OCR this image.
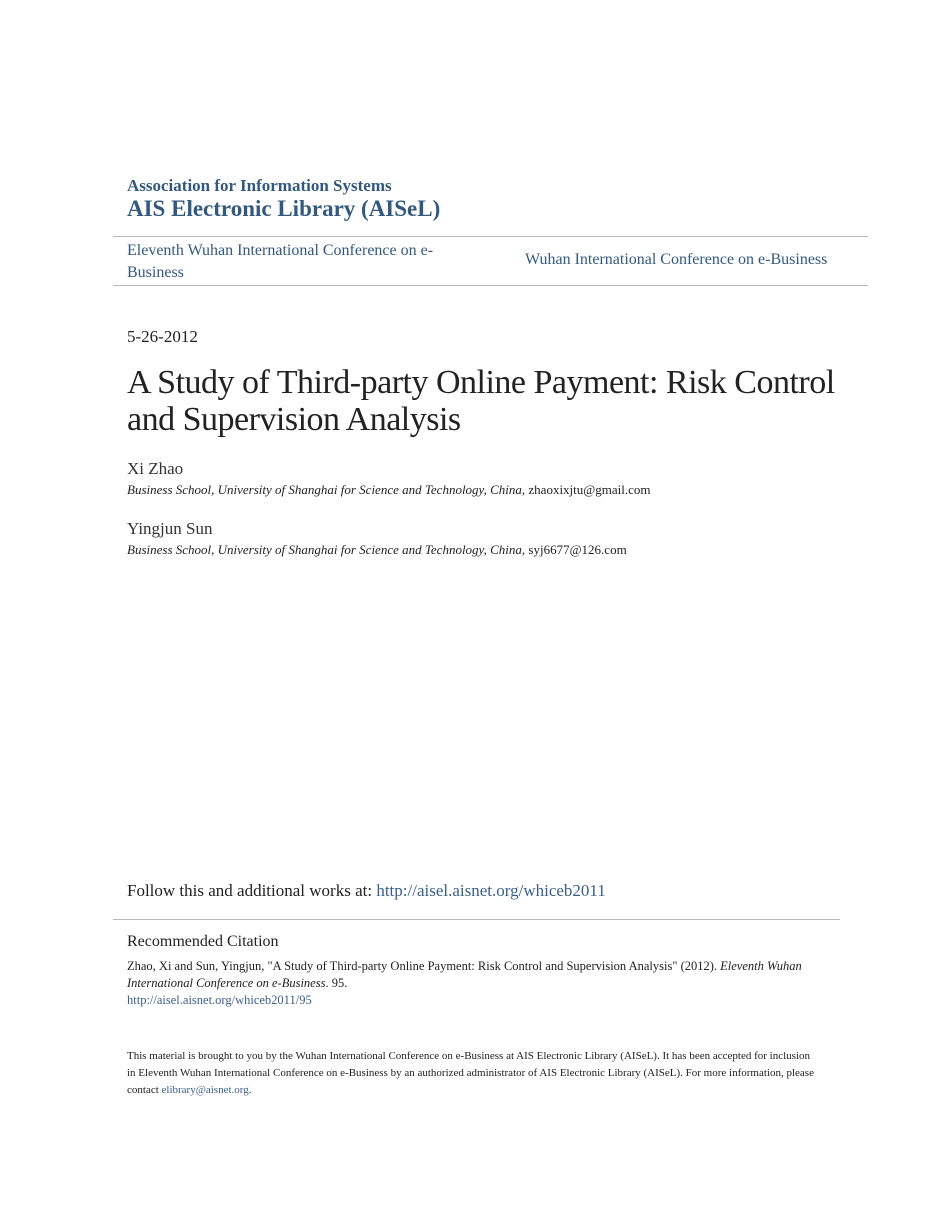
Association for Information Systems
AIS Electronic Library (AISeL)
Eleventh Wuhan International Conference on e-Business
Wuhan International Conference on e-Business
5-26-2012
A Study of Third-party Online Payment: Risk Control and Supervision Analysis
Xi Zhao
Business School, University of Shanghai for Science and Technology, China, zhaoxixjtu@gmail.com
Yingjun Sun
Business School, University of Shanghai for Science and Technology, China, syj6677@126.com
Follow this and additional works at: http://aisel.aisnet.org/whiceb2011
Recommended Citation
Zhao, Xi and Sun, Yingjun, "A Study of Third-party Online Payment: Risk Control and Supervision Analysis" (2012). Eleventh Wuhan International Conference on e-Business. 95.
http://aisel.aisnet.org/whiceb2011/95
This material is brought to you by the Wuhan International Conference on e-Business at AIS Electronic Library (AISeL). It has been accepted for inclusion in Eleventh Wuhan International Conference on e-Business by an authorized administrator of AIS Electronic Library (AISeL). For more information, please contact elibrary@aisnet.org.
